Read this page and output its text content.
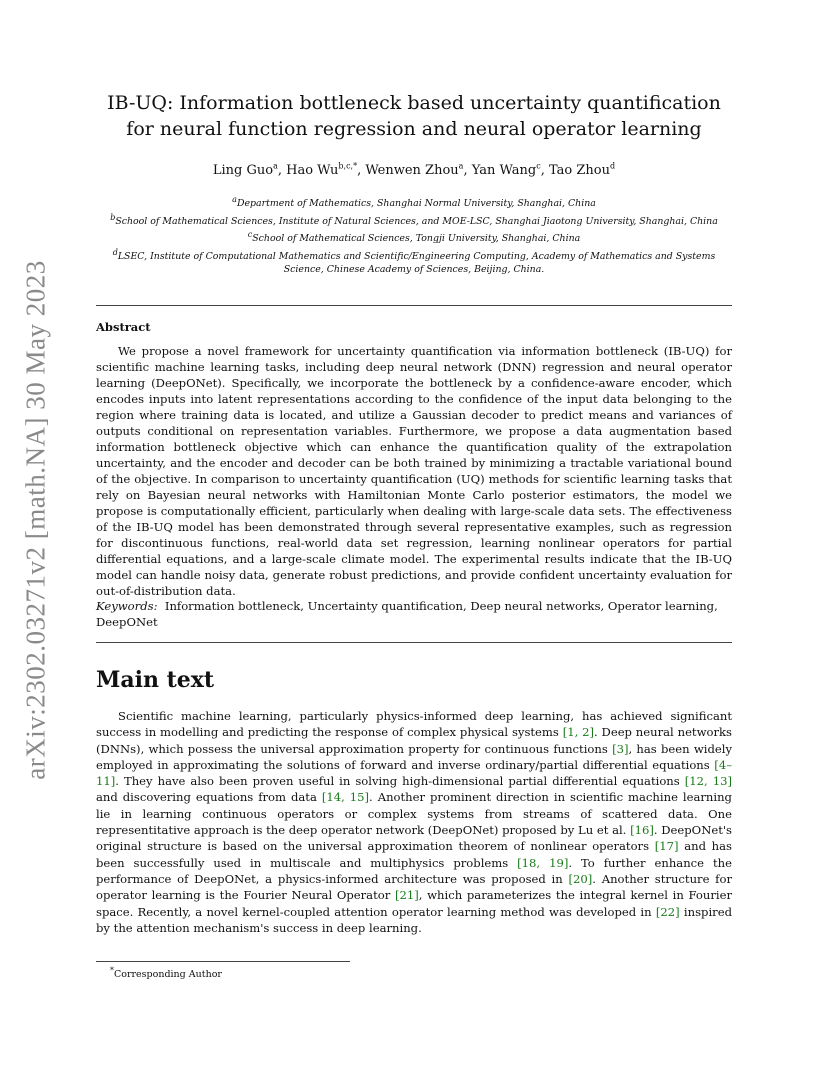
arXiv:2302.03271v2 [math.NA] 30 May 2023
IB-UQ: Information bottleneck based uncertainty quantification for neural function regression and neural operator learning
Ling Guo$^a$, Hao $Wu^{b,c,*}$, Wenwen Zhou$^a$, Yan Wang$^c$, Tao Zhou$^d$
$^a$Department of Mathematics, Shanghai Normal University, Shanghai, China
$^b$School of Mathematical Sciences, Institute of Natural Sciences, and MOE-LSC, Shanghai Jiaotong University, Shanghai, China
$^c$School of Mathematical Sciences, Tongji University, Shanghai, China
$^d$LSEC, Institute of Computational Mathematics and Scientific/Engineering Computing, Academy of Mathematics and Systems Science, Chinese Academy of Sciences, Beijing, China.
Abstract

We propose a novel framework for uncertainty quantification via information bottleneck (IB-UQ) for scientific machine learning tasks, including deep neural network (DNN) regression and neural operator learning (DeepONet). Specifically, we incorporate the bottleneck by a confidence-aware encoder, which encodes inputs into latent representations according to the confidence of the input data belonging to the region where training data is located, and utilize a Gaussian decoder to predict means and variances of outputs conditional on representation variables. Furthermore, we propose a data augmentation based information bottleneck objective which can enhance the quantification quality of the extrapolation uncertainty, and the encoder and decoder can be both trained by minimizing a tractable variational bound of the objective. In comparison to uncertainty quantification (UQ) methods for scientific learning tasks that rely on Bayesian neural networks with Hamiltonian Monte Carlo posterior estimators, the model we propose is computationally efficient, particularly when dealing with large-scale data sets. The effectiveness of the IB-UQ model has been demonstrated through several representative examples, such as regression for discontinuous functions, real-world data set regression, learning nonlinear operators for partial differential equations, and a large-scale climate model. The experimental results indicate that the IB-UQ model can handle noisy data, generate robust predictions, and provide confident uncertainty evaluation for out-of-distribution data.

Keywords: Information bottleneck, Uncertainty quantification, Deep neural networks, Operator learning, DeepONet

Main text

Scientific machine learning, particularly physics-informed deep learning, has achieved significant success in modelling and predicting the response of complex physical systems [1, 2]. Deep neural networks (DNNs), which possess the universal approximation property for continuous functions [3], has been widely employed in approximating the solutions of forward and inverse ordinary/partial differential equations [4–11]. They have also been proven useful in solving high-dimensional partial differential equations [12, 13] and discovering equations from data [14, 15]. Another prominent direction in scientific machine learning lie in learning continuous operators or complex systems from streams of scattered data. One representitative approach is the deep operator network (DeepONet) proposed by Lu et al. [16]. DeepONet's original structure is based on the universal approximation theorem of nonlinear operators [17] and has been successfully used in multiscale and multiphysics problems [18, 19]. To further enhance the performance of DeepONet, a physics-informed architecture was proposed in [20]. Another structure for operator learning is the Fourier Neural Operator [21], which parameterizes the integral kernel in Fourier space. Recently, a novel kernel-coupled attention operator learning method was developed in [22] inspired by the attention mechanism's success in deep learning.

*Corresponding Author
